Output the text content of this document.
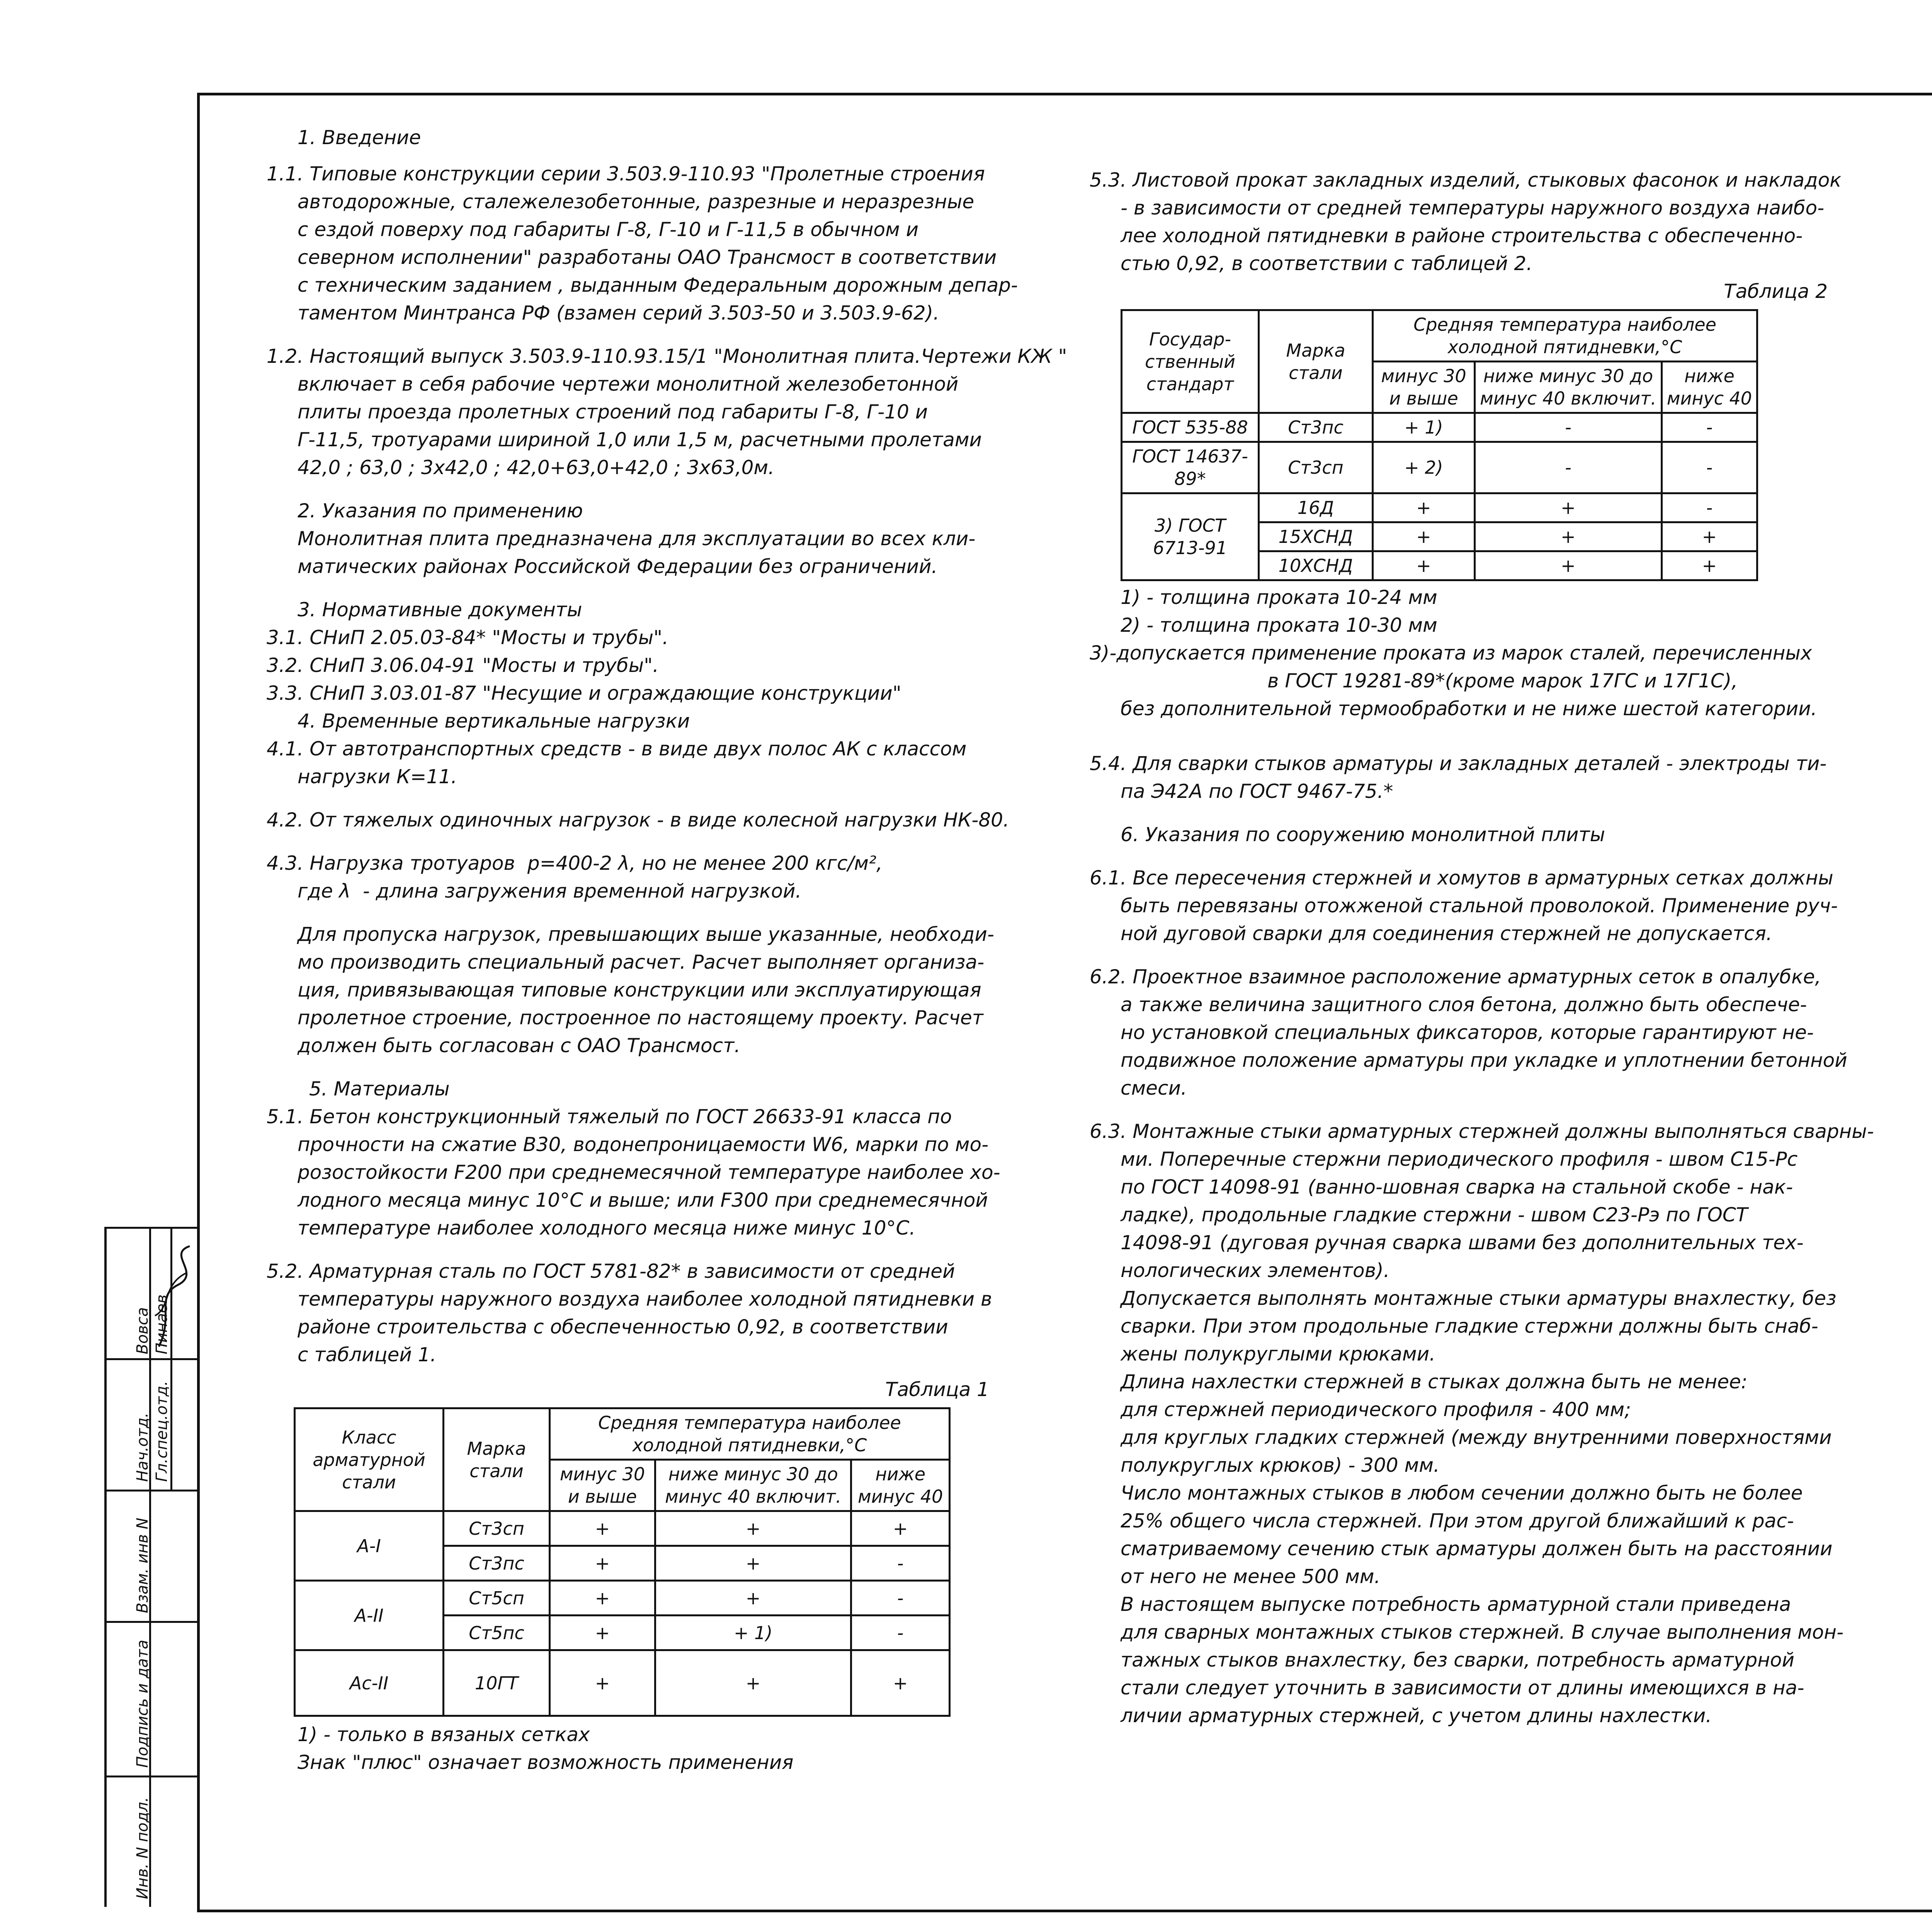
1. Введение

1.1. Типовые конструкции серии 3.503.9-110.93 "Пролетные строения

автодорожные, сталежелезобетонные, разрезные и неразрезные

с ездой поверху под габариты Г-8, Г-10 и Г-11,5 в обычном и

северном исполнении" разработаны ОАО Трансмост в соответствии

с техническим заданием , выданным Федеральным дорожным депар-

таментом Минтранса РФ (взамен серий 3.503-50 и 3.503.9-62).

1.2. Настоящий выпуск 3.503.9-110.93.15/1 "Монолитная плита.Чертежи КЖ "

включает в себя рабочие чертежи монолитной железобетонной

плиты проезда пролетных строений под габариты Г-8, Г-10 и

Г-11,5, тротуарами шириной 1,0 или 1,5 м, расчетными пролетами

42,0 ; 63,0 ; 3х42,0 ; 42,0+63,0+42,0 ; 3х63,0м.

2. Указания по применению

Монолитная плита предназначена для эксплуатации во всех кли-

матических районах Российской Федерации без ограничений.

3. Нормативные документы

3.1. СНиП 2.05.03-84* "Мосты и трубы".

3.2. СНиП 3.06.04-91 "Мосты и трубы".

3.3. СНиП 3.03.01-87 "Несущие и ограждающие конструкции"

4. Временные вертикальные нагрузки

4.1. От автотранспортных средств - в виде двух полос АК с классом

нагрузки К=11.

4.2. От тяжелых одиночных нагрузок - в виде колесной нагрузки НК-80.

4.3. Нагрузка тротуаров  p=400-2 λ, но не менее 200 кгс/м²,

где λ  - длина загружения временной нагрузкой.

Для пропуска нагрузок, превышающих выше указанные, необходи-

мо производить специальный расчет. Расчет выполняет организа-

ция, привязывающая типовые конструкции или эксплуатирующая

пролетное строение, построенное по настоящему проекту. Расчет

должен быть согласован с ОАО Трансмост.

5. Материалы

5.1. Бетон конструкционный тяжелый по ГОСТ 26633-91 класса по

прочности на сжатие В30, водонепроницаемости W6, марки по мо-

розостойкости F200 при среднемесячной температуре наиболее хо-

лодного месяца минус 10°С и выше; или F300 при среднемесячной

температуре наиболее холодного месяца ниже минус 10°С.

5.2. Арматурная сталь по ГОСТ 5781-82* в зависимости от средней

температуры наружного воздуха наиболее холодной пятидневки в

районе строительства с обеспеченностью 0,92, в соответствии

с таблицей 1.

Таблица 1

Класс арматурной стали	Марка стали	Средняя температура наиболее холодной пятидневки,°С		
		минус 30 и выше	ниже минус 30 до минус 40 включит.	ниже минус 40
А-I	Ст3сп	+	+	+
	Ст3пс	+	+	-
А-II	Ст5сп	+	+	-
	Ст5пс	+	+ 1)	-
Ас-II	10ГТ	+	+	+

1) - только в вязаных сетках

Знак "плюс" означает возможность применения

5.3. Листовой прокат закладных изделий, стыковых фасонок и накладок

- в зависимости от средней температуры наружного воздуха наибо-

лее холодной пятидневки в районе строительства с обеспеченно-

стью 0,92, в соответствии с таблицей 2.

Таблица 2

Государ-ственный стандарт	Марка стали	Средняя температура наиболее холодной пятидневки,°С		
		минус 30 и выше	ниже минус 30 до минус 40 включит.	ниже минус 40
ГОСТ 535-88	Ст3пс	+ 1)	-	-
ГОСТ 14637-89*	Ст3сп	+ 2)	-	-
3) ГОСТ 6713-91	16Д	+	+	-
	15ХСНД	+	+	+
	10ХСНД	+	+	+

1) - толщина проката 10-24 мм

2) - толщина проката 10-30 мм

3)-допускается применение проката из марок сталей, перечисленных

в ГОСТ 19281-89*(кроме марок 17ГС и 17Г1С),

без дополнительной термообработки и не ниже шестой категории.

5.4. Для сварки стыков арматуры и закладных деталей - электроды ти-

па Э42А по ГОСТ 9467-75.*

6. Указания по сооружению монолитной плиты

6.1. Все пересечения стержней и хомутов в арматурных сетках должны

быть перевязаны отожженой стальной проволокой. Применение руч-

ной дуговой сварки для соединения стержней не допускается.

6.2. Проектное взаимное расположение арматурных сеток в опалубке,

а также величина защитного слоя бетона, должно быть обеспече-

но установкой специальных фиксаторов, которые гарантируют не-

подвижное положение арматуры при укладке и уплотнении бетонной

смеси.

6.3. Монтажные стыки арматурных стержней должны выполняться сварны-

ми. Поперечные стержни периодического профиля - швом С15-Рс

по ГОСТ 14098-91 (ванно-шовная сварка на стальной скобе - нак-

ладке), продольные гладкие стержни - швом С23-Рэ по ГОСТ

14098-91 (дуговая ручная сварка швами без дополнительных тех-

нологических элементов).

Допускается выполнять монтажные стыки арматуры внахлестку, без

сварки. При этом продольные гладкие стержни должны быть снаб-

жены полукруглыми крюками.

Длина нахлестки стержней в стыках должна быть не менее:

для стержней периодического профиля - 400 мм;

для круглых гладких стержней (между внутренними поверхностями

полукруглых крюков) - 300 мм.

Число монтажных стыков в любом сечении должно быть не более

25% общего числа стержней. При этом другой ближайший к рас-

сматриваемому сечению стык арматуры должен быть на расстоянии

от него не менее 500 мм.

В настоящем выпуске потребность арматурной стали приведена

для сварных монтажных стыков стержней. В случае выполнения мон-

тажных стыков внахлестку, без сварки, потребность арматурной

стали следует уточнить в зависимости от длины имеющихся в на-

личии арматурных стержней, с учетом длины нахлестки.

Инв. N подл.
Подпись и дата
Взам. инв N
Нач.отд. Гл.спец.отд.
Вовса Пинаев
